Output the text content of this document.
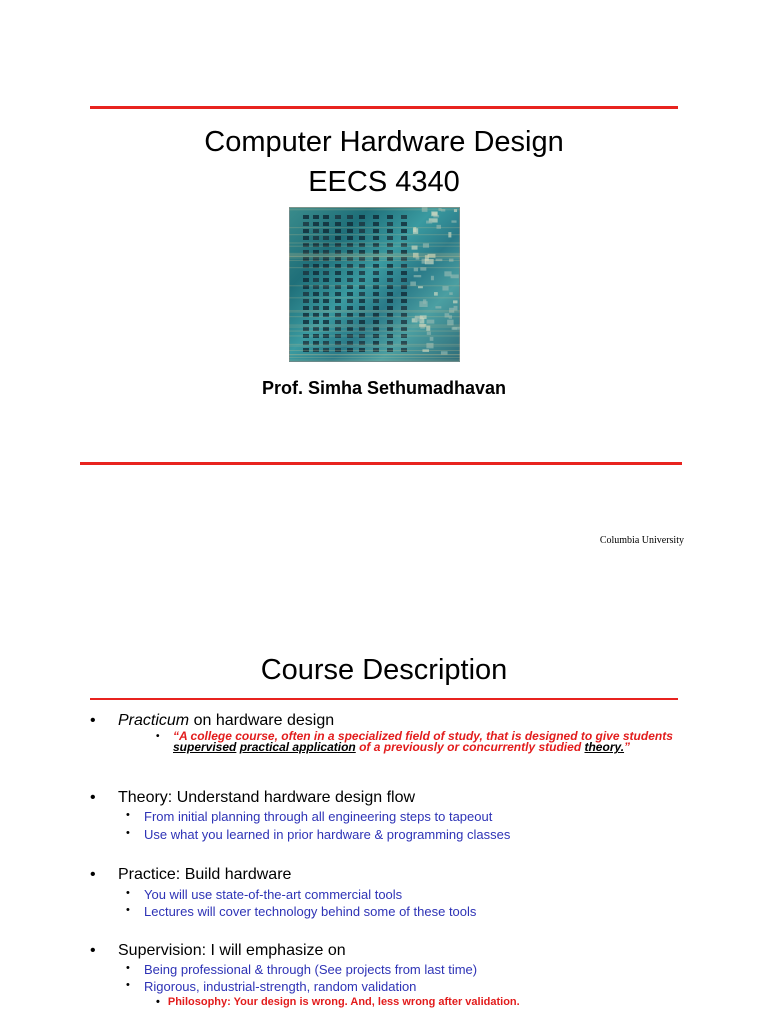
Computer Hardware Design
EECS 4340
Prof. Simha Sethumadhavan
Columbia University
Course Description
• Practicum on hardware design
• “A college course, often in a specialized field of study, that is designed to give students supervised practical application of a previously or concurrently studied theory.”
• Theory: Understand hardware design flow
• From initial planning through all engineering steps to tapeout
• Use what you learned in prior hardware & programming classes
• Practice: Build hardware
• You will use state-of-the-art commercial tools
• Lectures will cover technology behind some of these tools
• Supervision: I will emphasize on
• Being professional & through (See projects from last time)
• Rigorous, industrial-strength, random validation
• Philosophy: Your design is wrong. And, less wrong after validation.
